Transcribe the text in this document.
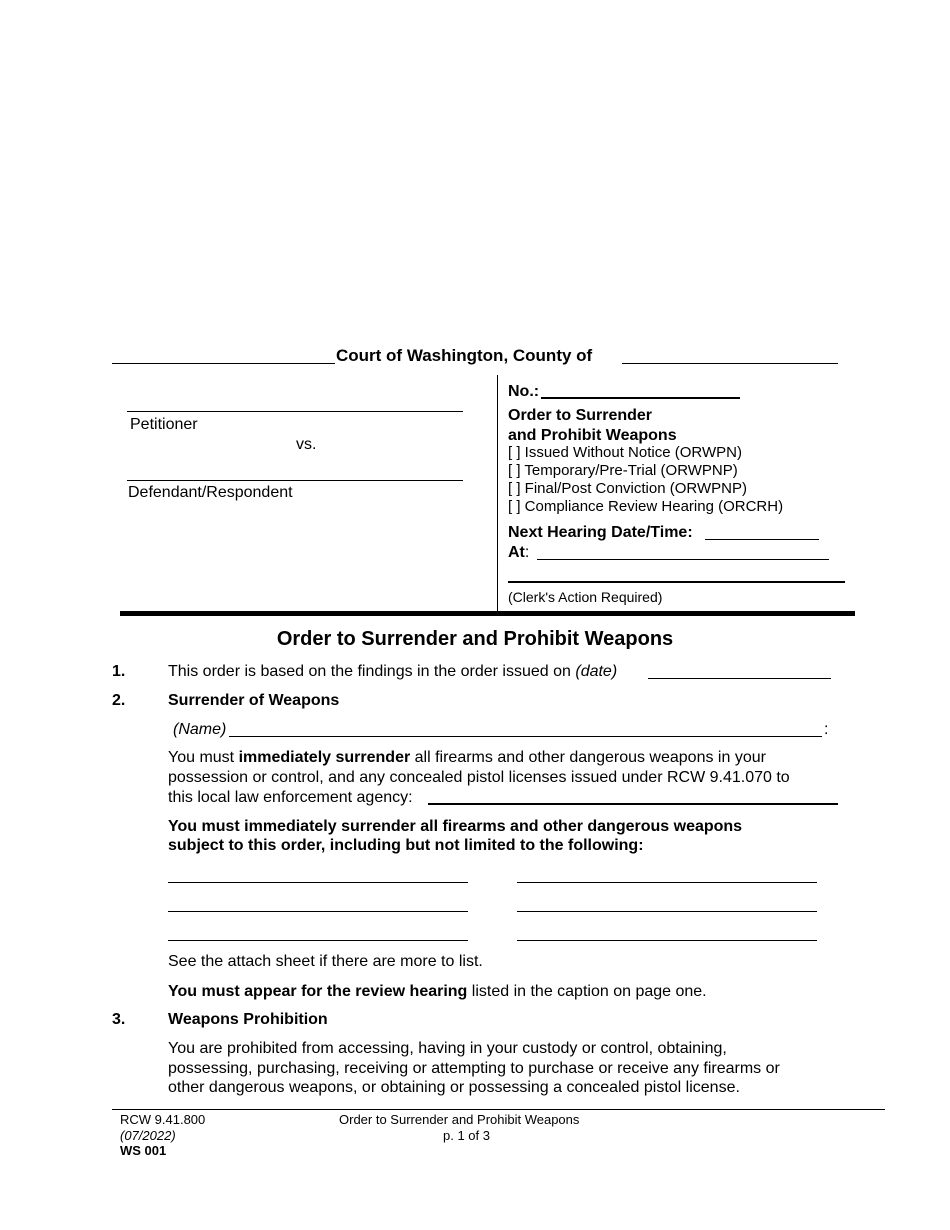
Court of Washington, County of
Petitioner
vs.
Defendant/Respondent
No.:
Order to Surrender
and Prohibit Weapons
[ ] Issued Without Notice (ORWPN)
[ ] Temporary/Pre-Trial (ORWPNP)
[ ] Final/Post Conviction (ORWPNP)
[ ] Compliance Review Hearing (ORCRH)
Next Hearing Date/Time:
At:
(Clerk's Action Required)
Order to Surrender and Prohibit Weapons
1.	This order is based on the findings in the order issued on (date)
2.	Surrender of Weapons
(Name)	:
You must immediately surrender all firearms and other dangerous weapons in your
possession or control, and any concealed pistol licenses issued under RCW 9.41.070 to
this local law enforcement agency:
You must immediately surrender all firearms and other dangerous weapons
subject to this order, including but not limited to the following:
See the attach sheet if there are more to list.
You must appear for the review hearing listed in the caption on page one.
3.	Weapons Prohibition
You are prohibited from accessing, having in your custody or control, obtaining,
possessing, purchasing, receiving or attempting to purchase or receive any firearms or
other dangerous weapons, or obtaining or possessing a concealed pistol license.
RCW 9.41.800
(07/2022)
WS 001
Order to Surrender and Prohibit Weapons
p. 1 of 3
